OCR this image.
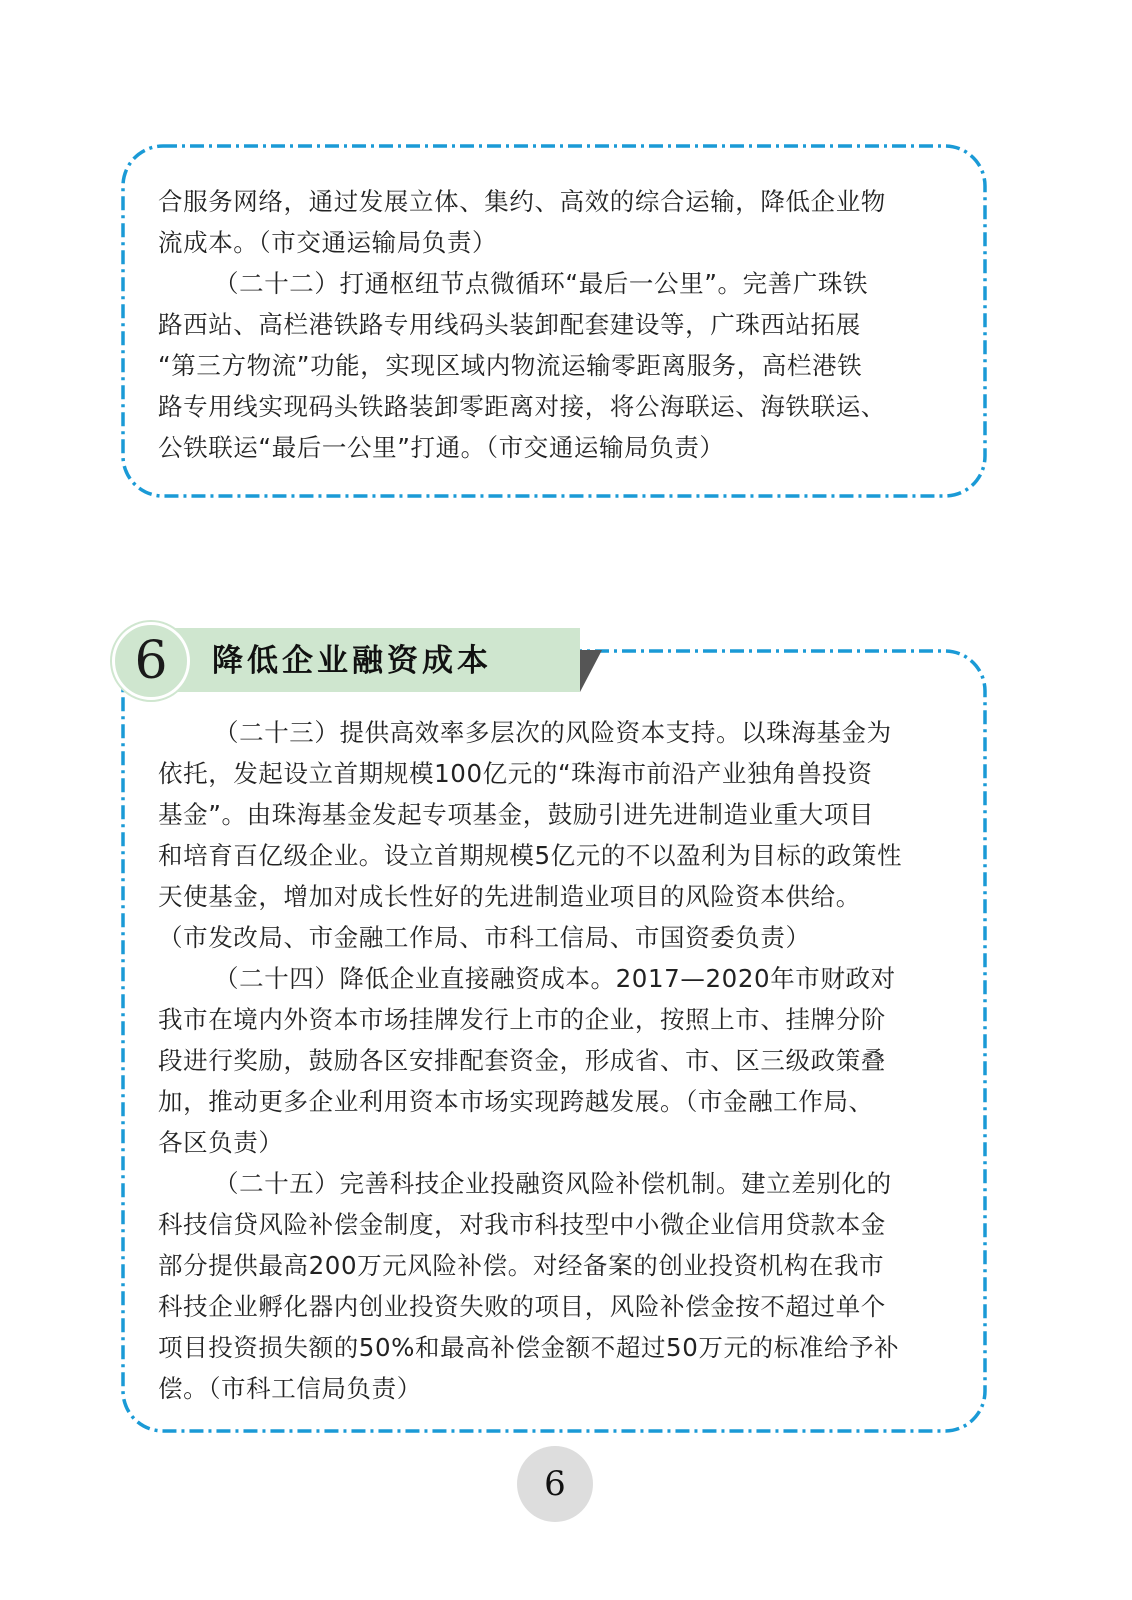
合服务网络，通过发展立体、集约、高效的综合运输，降低企业物

流成本。（市交通运输局负责）

（二十二）打通枢纽节点微循环“最后一公里”。完善广珠铁

路西站、高栏港铁路专用线码头装卸配套建设等，广珠西站拓展

“第三方物流”功能，实现区域内物流运输零距离服务，高栏港铁

路专用线实现码头铁路装卸零距离对接，将公海联运、海铁联运、

公铁联运“最后一公里”打通。（市交通运输局负责）

（二十三）提供高效率多层次的风险资本支持。以珠海基金为

依托，发起设立首期规模100亿元的“珠海市前沿产业独角兽投资

基金”。由珠海基金发起专项基金，鼓励引进先进制造业重大项目

和培育百亿级企业。设立首期规模5亿元的不以盈利为目标的政策性

天使基金，增加对成长性好的先进制造业项目的风险资本供给。

（市发改局、市金融工作局、市科工信局、市国资委负责）

（二十四）降低企业直接融资成本。2017—2020年市财政对

我市在境内外资本市场挂牌发行上市的企业，按照上市、挂牌分阶

段进行奖励，鼓励各区安排配套资金，形成省、市、区三级政策叠

加，推动更多企业利用资本市场实现跨越发展。（市金融工作局、

各区负责）

（二十五）完善科技企业投融资风险补偿机制。建立差别化的

科技信贷风险补偿金制度，对我市科技型中小微企业信用贷款本金

部分提供最高200万元风险补偿。对经备案的创业投资机构在我市

科技企业孵化器内创业投资失败的项目，风险补偿金按不超过单个

项目投资损失额的50%和最高补偿金额不超过50万元的标准给予补

偿。（市科工信局负责）

6	降低企业融资成本
6
